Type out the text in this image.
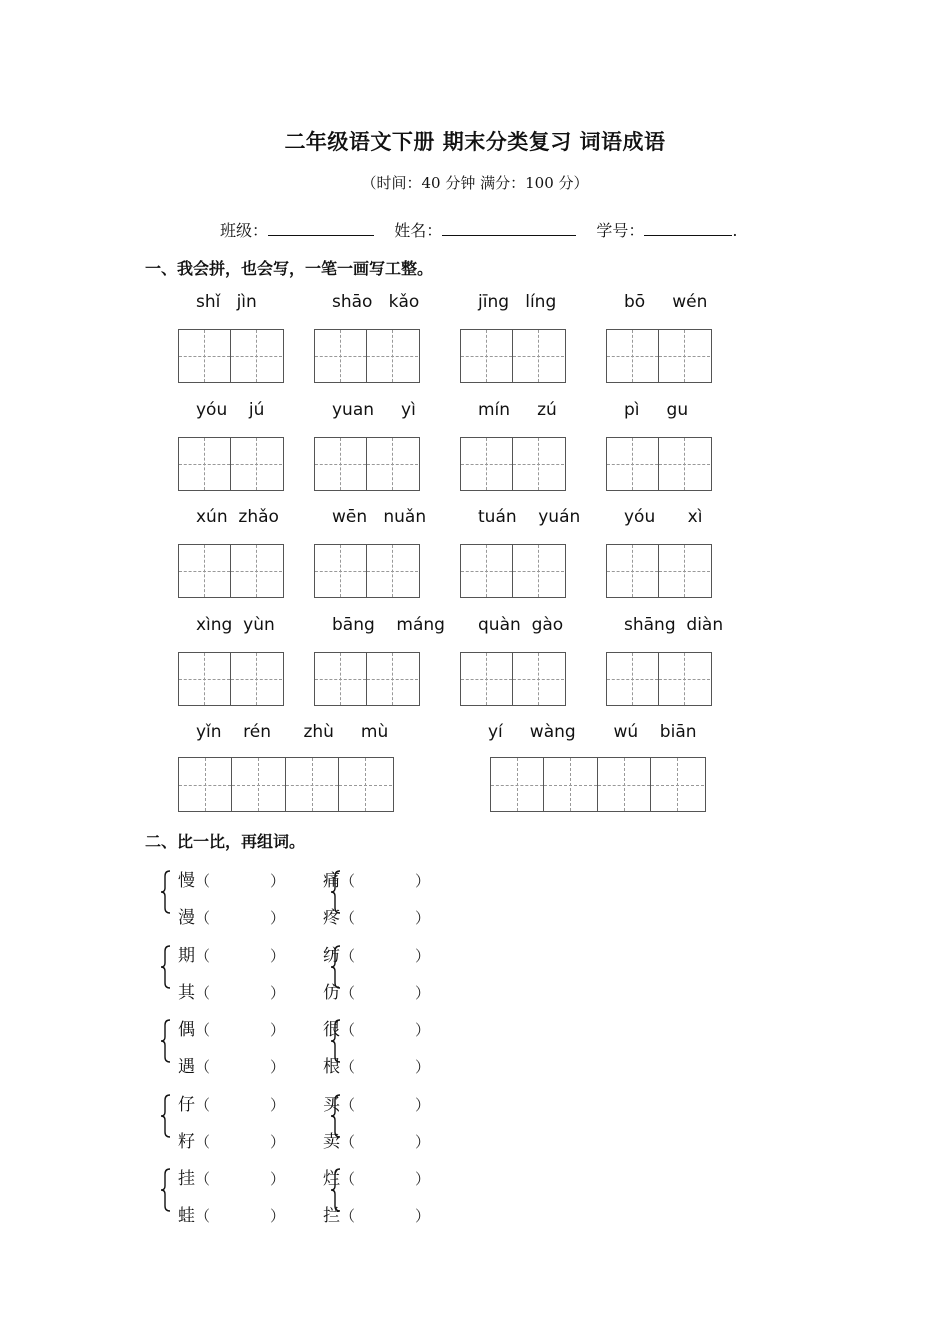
二年级语文下册 期末分类复习 词语成语
（时间：40 分钟 满分：100 分）
班级：	姓名：	学号：	.
一、我会拼，也会写，一笔一画写工整。
shǐ   jìn	shāo   kǎo	jīng   líng	bō     wén
yóu    jú	yuan     yì	mín     zú	pì     gu
xún  zhǎo	wēn   nuǎn	tuán    yuán	yóu      xì
xìng  yùn	bāng    máng quàn  gào	shāng  diàn
yǐn    rén      zhù     mù	yí     wàng       wú    biān
二、比一比，再组词。
慢（	） 痛（	）
漫（	） 疼（	）
期（	） 纺（	）
其（	） 仿（	）
偶（	） 很（	）
遇（	） 根（	）
仔（	） 买（	）
籽（	） 卖（	）
挂（	） 烂（	）
蛙（	） 拦（	）
